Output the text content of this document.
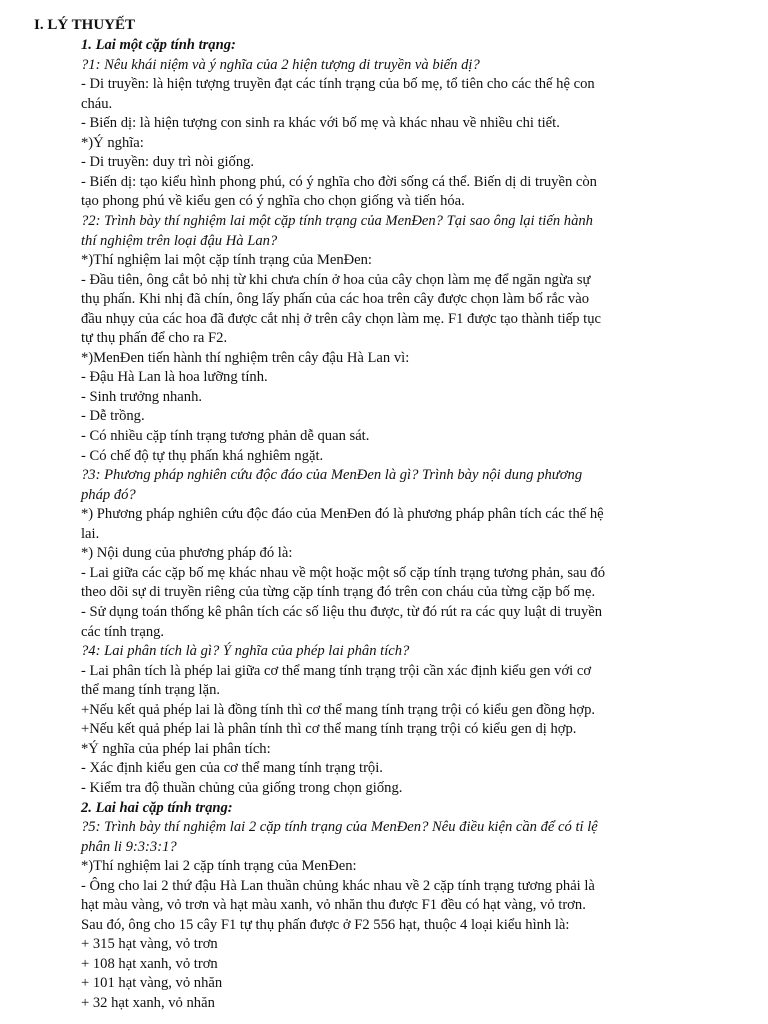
I. LÝ THUYẾT
1. Lai một cặp tính trạng:
?1: Nêu khái niệm và ý nghĩa của 2 hiện tượng di truyền và biến dị?
- Di truyền: là hiện tượng truyền đạt các tính trạng của bố mẹ, tổ tiên cho các thế hệ con
cháu.
- Biến dị: là hiện tượng con sinh ra khác với bố mẹ và khác nhau về nhiều chi tiết.
*)Ý nghĩa:
- Di truyền: duy trì nòi giống.
- Biến dị: tạo kiểu hình phong phú, có ý nghĩa cho đời sống cá thể. Biến dị di truyền còn
tạo phong phú về kiểu gen có ý nghĩa cho chọn giống và tiến hóa.
?2: Trình bày thí nghiệm lai một cặp tính trạng của MenĐen? Tại sao ông lại tiến hành
thí nghiệm trên loại đậu Hà Lan?
*)Thí nghiệm lai một cặp tính trạng của MenĐen:
- Đầu tiên, ông cắt bỏ nhị từ khi chưa chín ở hoa của cây chọn làm mẹ để ngăn ngừa sự
thụ phấn. Khi nhị đã chín, ông lấy phấn của các hoa trên cây được chọn làm bố rắc vào
đầu nhụy của các hoa đã được cắt nhị ở trên cây chọn làm mẹ. F1 được tạo thành tiếp tục
tự thụ phấn để cho ra F2.
*)MenĐen tiến hành thí nghiệm trên cây đậu Hà Lan vì:
- Đậu Hà Lan là hoa lưỡng tính.
- Sinh trưởng nhanh.
- Dễ trồng.
- Có nhiều cặp tính trạng tương phản dễ quan sát.
- Có chế độ tự thụ phấn khá nghiêm ngặt.
?3: Phương pháp nghiên cứu độc đáo của MenĐen là gì? Trình bày nội dung phương
pháp đó?
*) Phương pháp nghiên cứu độc đáo của MenĐen đó là phương pháp phân tích các thế hệ
lai.
*) Nội dung của phương pháp đó là:
- Lai giữa các cặp bố mẹ khác nhau về một hoặc một số cặp tính trạng tương phản, sau đó
theo dõi sự di truyền riêng của từng cặp tính trạng đó trên con cháu của từng cặp bố mẹ.
- Sử dụng toán thống kê phân tích các số liệu thu được, từ đó rút ra các quy luật di truyền
các tính trạng.
?4: Lai phân tích là gì? Ý nghĩa của phép lai phân tích?
- Lai phân tích là phép lai giữa cơ thể mang tính trạng trội cần xác định kiểu gen với cơ
thể mang tính trạng lặn.
+Nếu kết quả phép lai là đồng tính thì cơ thể mang tính trạng trội có kiểu gen đồng hợp.
+Nếu kết quả phép lai là phân tính thì cơ thể mang tính trạng trội có kiểu gen dị hợp.
*Ý nghĩa của phép lai phân tích:
- Xác định kiểu gen của cơ thể mang tính trạng trội.
- Kiểm tra độ thuần chủng của giống trong chọn giống.
2. Lai hai cặp tính trạng:
?5: Trình bày thí nghiệm lai 2 cặp tính trạng của MenĐen? Nêu điều kiện cần để có tỉ lệ
phân li 9:3:3:1?
*)Thí nghiệm lai 2 cặp tính trạng của MenĐen:
- Ông cho lai 2 thứ đậu Hà Lan thuần chủng khác nhau về 2 cặp tính trạng tương phải là
hạt màu vàng, vỏ trơn và hạt màu xanh, vỏ nhăn thu được F1 đều có hạt vàng, vỏ trơn.
Sau đó, ông cho 15 cây F1 tự thụ phấn được ở F2 556 hạt, thuộc 4 loại kiểu hình là:
+ 315 hạt vàng, vỏ trơn
+ 108 hạt xanh, vỏ trơn
+ 101 hạt vàng, vỏ nhăn
+ 32 hạt xanh, vỏ nhăn
